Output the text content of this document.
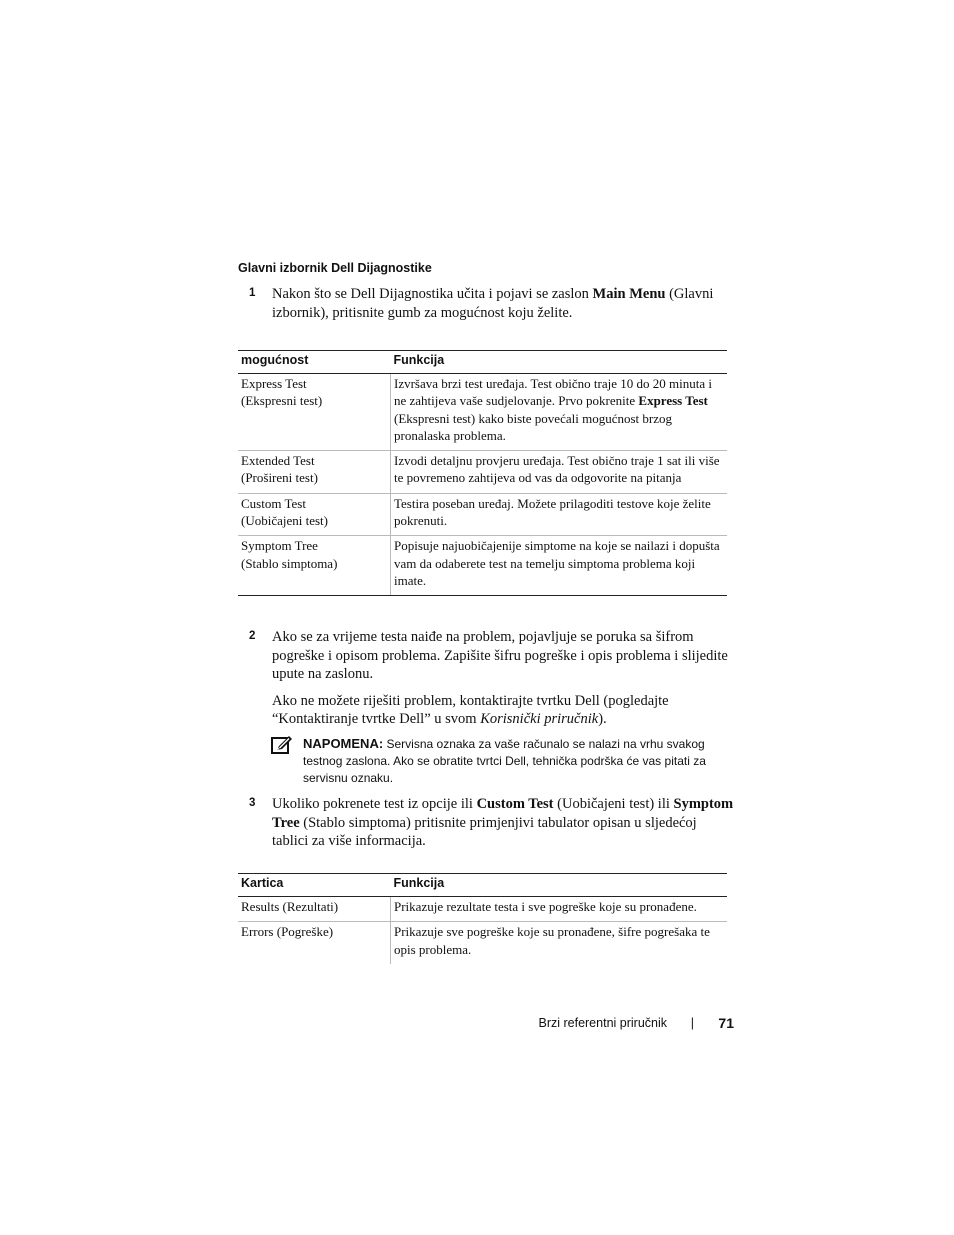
Glavni izbornik Dell Dijagnostike
1 Nakon što se Dell Dijagnostika učita i pojavi se zaslon Main Menu (Glavni izbornik), pritisnite gumb za mogućnost koju želite.
mogućnost	Funkcija

Express Test
(Ekspresni test)	Izvršava brzi test uređaja. Test obično traje 10 do 20 minuta i ne zahtijeva vaše sudjelovanje. Prvo pokrenite Express Test (Ekspresni test) kako biste povećali mogućnost brzog pronalaska problema.

Extended Test
(Prošireni test)	Izvodi detaljnu provjeru uređaja. Test obično traje 1 sat ili više te povremeno zahtijeva od vas da odgovorite na pitanja

Custom Test
(Uobičajeni test)	Testira poseban uređaj. Možete prilagoditi testove koje želite pokrenuti.

Symptom Tree
(Stablo simptoma)	Popisuje najuobičajenije simptome na koje se nailazi i dopušta vam da odaberete test na temelju simptoma problema koji imate.
2 Ako se za vrijeme testa naiđe na problem, pojavljuje se poruka sa šifrom pogreške i opisom problema. Zapišite šifru pogreške i opis problema i slijedite upute na zaslonu.

Ako ne možete riješiti problem, kontaktirajte tvrtku Dell (pogledajte “Kontaktiranje tvrtke Dell” u svom Korisnički priručnik).

NAPOMENA: Servisna oznaka za vaše računalo se nalazi na vrhu svakog testnog zaslona. Ako se obratite tvrtci Dell, tehnička podrška će vas pitati za servisnu oznaku.
3 Ukoliko pokrenete test iz opcije ili Custom Test (Uobičajeni test) ili Symptom Tree (Stablo simptoma) pritisnite primjenjivi tabulator opisan u sljedećoj tablici za više informacija.
Kartica	Funkcija
Results (Rezultati)	Prikazuje rezultate testa i sve pogreške koje su pronađene.
Errors (Pogreške)	Prikazuje sve pogreške koje su pronađene, šifre pogrešaka te opis problema.
Brzi referentni priručnik | 71
